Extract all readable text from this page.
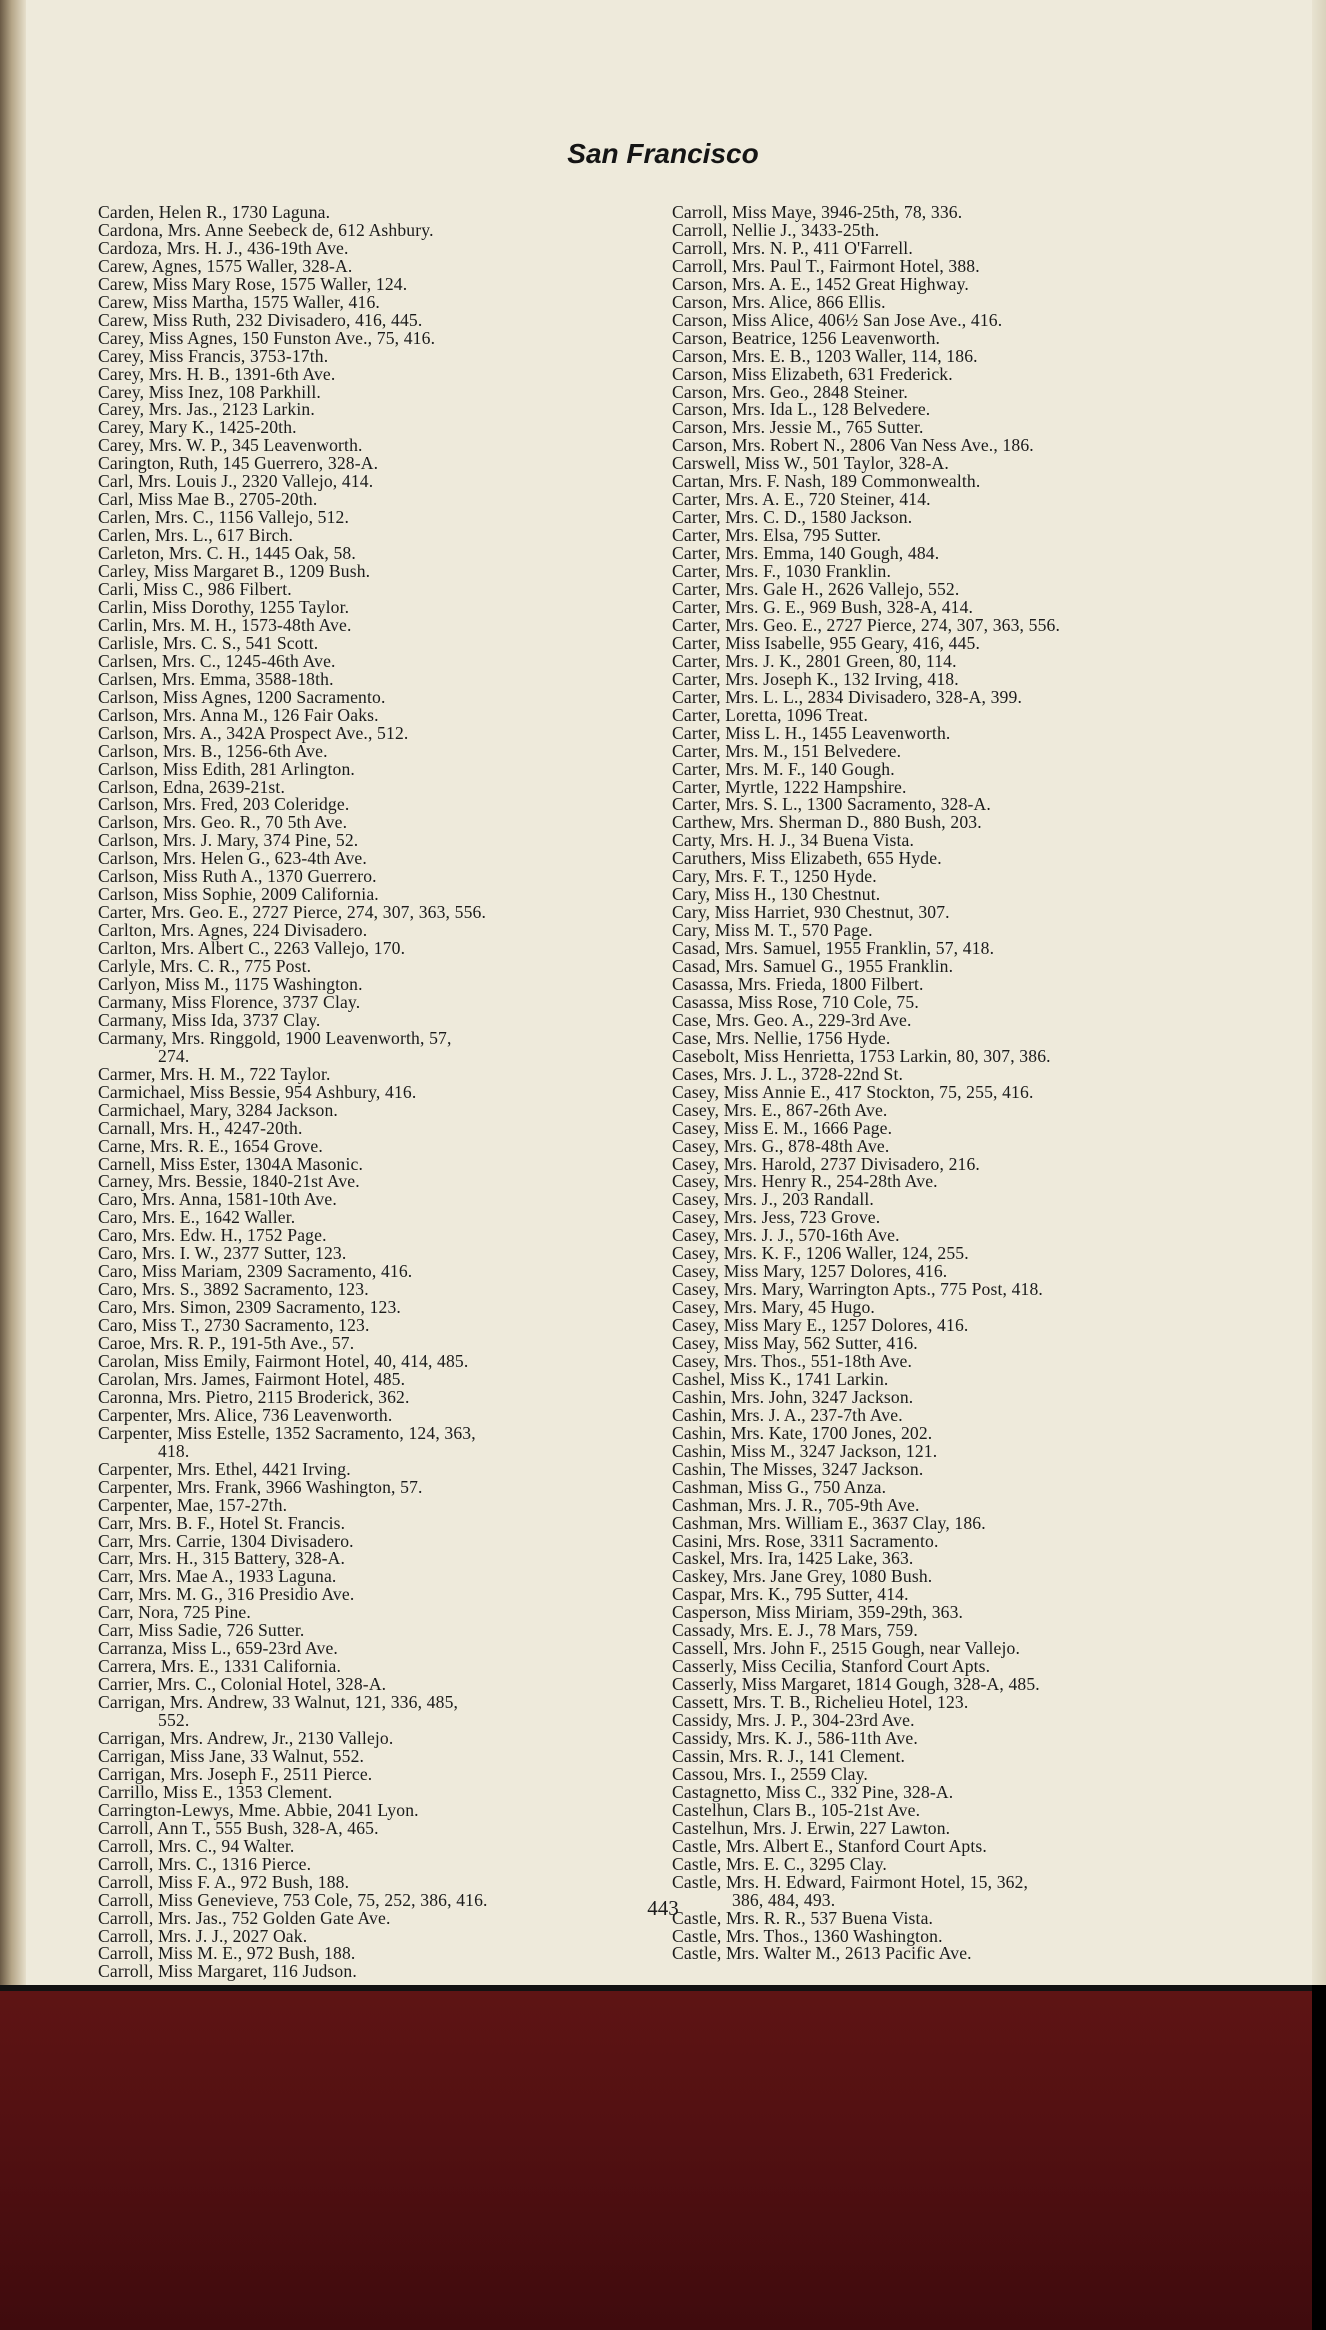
San Francisco
Carden, Helen R., 1730 Laguna.
Cardona, Mrs. Anne Seebeck de, 612 Ashbury.
Cardoza, Mrs. H. J., 436-19th Ave.
Carew, Agnes, 1575 Waller, 328-A.
Carew, Miss Mary Rose, 1575 Waller, 124.
Carew, Miss Martha, 1575 Waller, 416.
Carew, Miss Ruth, 232 Divisadero, 416, 445.
Carey, Miss Agnes, 150 Funston Ave., 75, 416.
Carey, Miss Francis, 3753-17th.
Carey, Mrs. H. B., 1391-6th Ave.
Carey, Miss Inez, 108 Parkhill.
Carey, Mrs. Jas., 2123 Larkin.
Carey, Mary K., 1425-20th.
Carey, Mrs. W. P., 345 Leavenworth.
Carington, Ruth, 145 Guerrero, 328-A.
Carl, Mrs. Louis J., 2320 Vallejo, 414.
Carl, Miss Mae B., 2705-20th.
Carlen, Mrs. C., 1156 Vallejo, 512.
Carlen, Mrs. L., 617 Birch.
Carleton, Mrs. C. H., 1445 Oak, 58.
Carley, Miss Margaret B., 1209 Bush.
Carli, Miss C., 986 Filbert.
Carlin, Miss Dorothy, 1255 Taylor.
Carlin, Mrs. M. H., 1573-48th Ave.
Carlisle, Mrs. C. S., 541 Scott.
Carlsen, Mrs. C., 1245-46th Ave.
Carlsen, Mrs. Emma, 3588-18th.
Carlson, Miss Agnes, 1200 Sacramento.
Carlson, Mrs. Anna M., 126 Fair Oaks.
Carlson, Mrs. A., 342A Prospect Ave., 512.
Carlson, Mrs. B., 1256-6th Ave.
Carlson, Miss Edith, 281 Arlington.
Carlson, Edna, 2639-21st.
Carlson, Mrs. Fred, 203 Coleridge.
Carlson, Mrs. Geo. R., 70 5th Ave.
Carlson, Mrs. J. Mary, 374 Pine, 52.
Carlson, Mrs. Helen G., 623-4th Ave.
Carlson, Miss Ruth A., 1370 Guerrero.
Carlson, Miss Sophie, 2009 California.
Carter, Mrs. Geo. E., 2727 Pierce, 274, 307, 363, 556.
Carlton, Mrs. Agnes, 224 Divisadero.
Carlton, Mrs. Albert C., 2263 Vallejo, 170.
Carlyle, Mrs. C. R., 775 Post.
Carlyon, Miss M., 1175 Washington.
Carmany, Miss Florence, 3737 Clay.
Carmany, Miss Ida, 3737 Clay.
Carmany, Mrs. Ringgold, 1900 Leavenworth, 57,
274.
Carmer, Mrs. H. M., 722 Taylor.
Carmichael, Miss Bessie, 954 Ashbury, 416.
Carmichael, Mary, 3284 Jackson.
Carnall, Mrs. H., 4247-20th.
Carne, Mrs. R. E., 1654 Grove.
Carnell, Miss Ester, 1304A Masonic.
Carney, Mrs. Bessie, 1840-21st Ave.
Caro, Mrs. Anna, 1581-10th Ave.
Caro, Mrs. E., 1642 Waller.
Caro, Mrs. Edw. H., 1752 Page.
Caro, Mrs. I. W., 2377 Sutter, 123.
Caro, Miss Mariam, 2309 Sacramento, 416.
Caro, Mrs. S., 3892 Sacramento, 123.
Caro, Mrs. Simon, 2309 Sacramento, 123.
Caro, Miss T., 2730 Sacramento, 123.
Caroe, Mrs. R. P., 191-5th Ave., 57.
Carolan, Miss Emily, Fairmont Hotel, 40, 414, 485.
Carolan, Mrs. James, Fairmont Hotel, 485.
Caronna, Mrs. Pietro, 2115 Broderick, 362.
Carpenter, Mrs. Alice, 736 Leavenworth.
Carpenter, Miss Estelle, 1352 Sacramento, 124, 363,
418.
Carpenter, Mrs. Ethel, 4421 Irving.
Carpenter, Mrs. Frank, 3966 Washington, 57.
Carpenter, Mae, 157-27th.
Carr, Mrs. B. F., Hotel St. Francis.
Carr, Mrs. Carrie, 1304 Divisadero.
Carr, Mrs. H., 315 Battery, 328-A.
Carr, Mrs. Mae A., 1933 Laguna.
Carr, Mrs. M. G., 316 Presidio Ave.
Carr, Nora, 725 Pine.
Carr, Miss Sadie, 726 Sutter.
Carranza, Miss L., 659-23rd Ave.
Carrera, Mrs. E., 1331 California.
Carrier, Mrs. C., Colonial Hotel, 328-A.
Carrigan, Mrs. Andrew, 33 Walnut, 121, 336, 485,
552.
Carrigan, Mrs. Andrew, Jr., 2130 Vallejo.
Carrigan, Miss Jane, 33 Walnut, 552.
Carrigan, Mrs. Joseph F., 2511 Pierce.
Carrillo, Miss E., 1353 Clement.
Carrington-Lewys, Mme. Abbie, 2041 Lyon.
Carroll, Ann T., 555 Bush, 328-A, 465.
Carroll, Mrs. C., 94 Walter.
Carroll, Mrs. C., 1316 Pierce.
Carroll, Miss F. A., 972 Bush, 188.
Carroll, Miss Genevieve, 753 Cole, 75, 252, 386, 416.
Carroll, Mrs. Jas., 752 Golden Gate Ave.
Carroll, Mrs. J. J., 2027 Oak.
Carroll, Miss M. E., 972 Bush, 188.
Carroll, Miss Margaret, 116 Judson.
Carroll, Miss Maye, 3946-25th, 78, 336.
Carroll, Nellie J., 3433-25th.
Carroll, Mrs. N. P., 411 O'Farrell.
Carroll, Mrs. Paul T., Fairmont Hotel, 388.
Carson, Mrs. A. E., 1452 Great Highway.
Carson, Mrs. Alice, 866 Ellis.
Carson, Miss Alice, 406½ San Jose Ave., 416.
Carson, Beatrice, 1256 Leavenworth.
Carson, Mrs. E. B., 1203 Waller, 114, 186.
Carson, Miss Elizabeth, 631 Frederick.
Carson, Mrs. Geo., 2848 Steiner.
Carson, Mrs. Ida L., 128 Belvedere.
Carson, Mrs. Jessie M., 765 Sutter.
Carson, Mrs. Robert N., 2806 Van Ness Ave., 186.
Carswell, Miss W., 501 Taylor, 328-A.
Cartan, Mrs. F. Nash, 189 Commonwealth.
Carter, Mrs. A. E., 720 Steiner, 414.
Carter, Mrs. C. D., 1580 Jackson.
Carter, Mrs. Elsa, 795 Sutter.
Carter, Mrs. Emma, 140 Gough, 484.
Carter, Mrs. F., 1030 Franklin.
Carter, Mrs. Gale H., 2626 Vallejo, 552.
Carter, Mrs. G. E., 969 Bush, 328-A, 414.
Carter, Mrs. Geo. E., 2727 Pierce, 274, 307, 363, 556.
Carter, Miss Isabelle, 955 Geary, 416, 445.
Carter, Mrs. J. K., 2801 Green, 80, 114.
Carter, Mrs. Joseph K., 132 Irving, 418.
Carter, Mrs. L. L., 2834 Divisadero, 328-A, 399.
Carter, Loretta, 1096 Treat.
Carter, Miss L. H., 1455 Leavenworth.
Carter, Mrs. M., 151 Belvedere.
Carter, Mrs. M. F., 140 Gough.
Carter, Myrtle, 1222 Hampshire.
Carter, Mrs. S. L., 1300 Sacramento, 328-A.
Carthew, Mrs. Sherman D., 880 Bush, 203.
Carty, Mrs. H. J., 34 Buena Vista.
Caruthers, Miss Elizabeth, 655 Hyde.
Cary, Mrs. F. T., 1250 Hyde.
Cary, Miss H., 130 Chestnut.
Cary, Miss Harriet, 930 Chestnut, 307.
Cary, Miss M. T., 570 Page.
Casad, Mrs. Samuel, 1955 Franklin, 57, 418.
Casad, Mrs. Samuel G., 1955 Franklin.
Casassa, Mrs. Frieda, 1800 Filbert.
Casassa, Miss Rose, 710 Cole, 75.
Case, Mrs. Geo. A., 229-3rd Ave.
Case, Mrs. Nellie, 1756 Hyde.
Casebolt, Miss Henrietta, 1753 Larkin, 80, 307, 386.
Cases, Mrs. J. L., 3728-22nd St.
Casey, Miss Annie E., 417 Stockton, 75, 255, 416.
Casey, Mrs. E., 867-26th Ave.
Casey, Miss E. M., 1666 Page.
Casey, Mrs. G., 878-48th Ave.
Casey, Mrs. Harold, 2737 Divisadero, 216.
Casey, Mrs. Henry R., 254-28th Ave.
Casey, Mrs. J., 203 Randall.
Casey, Mrs. Jess, 723 Grove.
Casey, Mrs. J. J., 570-16th Ave.
Casey, Mrs. K. F., 1206 Waller, 124, 255.
Casey, Miss Mary, 1257 Dolores, 416.
Casey, Mrs. Mary, Warrington Apts., 775 Post, 418.
Casey, Mrs. Mary, 45 Hugo.
Casey, Miss Mary E., 1257 Dolores, 416.
Casey, Miss May, 562 Sutter, 416.
Casey, Mrs. Thos., 551-18th Ave.
Cashel, Miss K., 1741 Larkin.
Cashin, Mrs. John, 3247 Jackson.
Cashin, Mrs. J. A., 237-7th Ave.
Cashin, Mrs. Kate, 1700 Jones, 202.
Cashin, Miss M., 3247 Jackson, 121.
Cashin, The Misses, 3247 Jackson.
Cashman, Miss G., 750 Anza.
Cashman, Mrs. J. R., 705-9th Ave.
Cashman, Mrs. William E., 3637 Clay, 186.
Casini, Mrs. Rose, 3311 Sacramento.
Caskel, Mrs. Ira, 1425 Lake, 363.
Caskey, Mrs. Jane Grey, 1080 Bush.
Caspar, Mrs. K., 795 Sutter, 414.
Casperson, Miss Miriam, 359-29th, 363.
Cassady, Mrs. E. J., 78 Mars, 759.
Cassell, Mrs. John F., 2515 Gough, near Vallejo.
Casserly, Miss Cecilia, Stanford Court Apts.
Casserly, Miss Margaret, 1814 Gough, 328-A, 485.
Cassett, Mrs. T. B., Richelieu Hotel, 123.
Cassidy, Mrs. J. P., 304-23rd Ave.
Cassidy, Mrs. K. J., 586-11th Ave.
Cassin, Mrs. R. J., 141 Clement.
Cassou, Mrs. I., 2559 Clay.
Castagnetto, Miss C., 332 Pine, 328-A.
Castelhun, Clars B., 105-21st Ave.
Castelhun, Mrs. J. Erwin, 227 Lawton.
Castle, Mrs. Albert E., Stanford Court Apts.
Castle, Mrs. E. C., 3295 Clay.
Castle, Mrs. H. Edward, Fairmont Hotel, 15, 362,
386, 484, 493.
Castle, Mrs. R. R., 537 Buena Vista.
Castle, Mrs. Thos., 1360 Washington.
Castle, Mrs. Walter M., 2613 Pacific Ave.
443
